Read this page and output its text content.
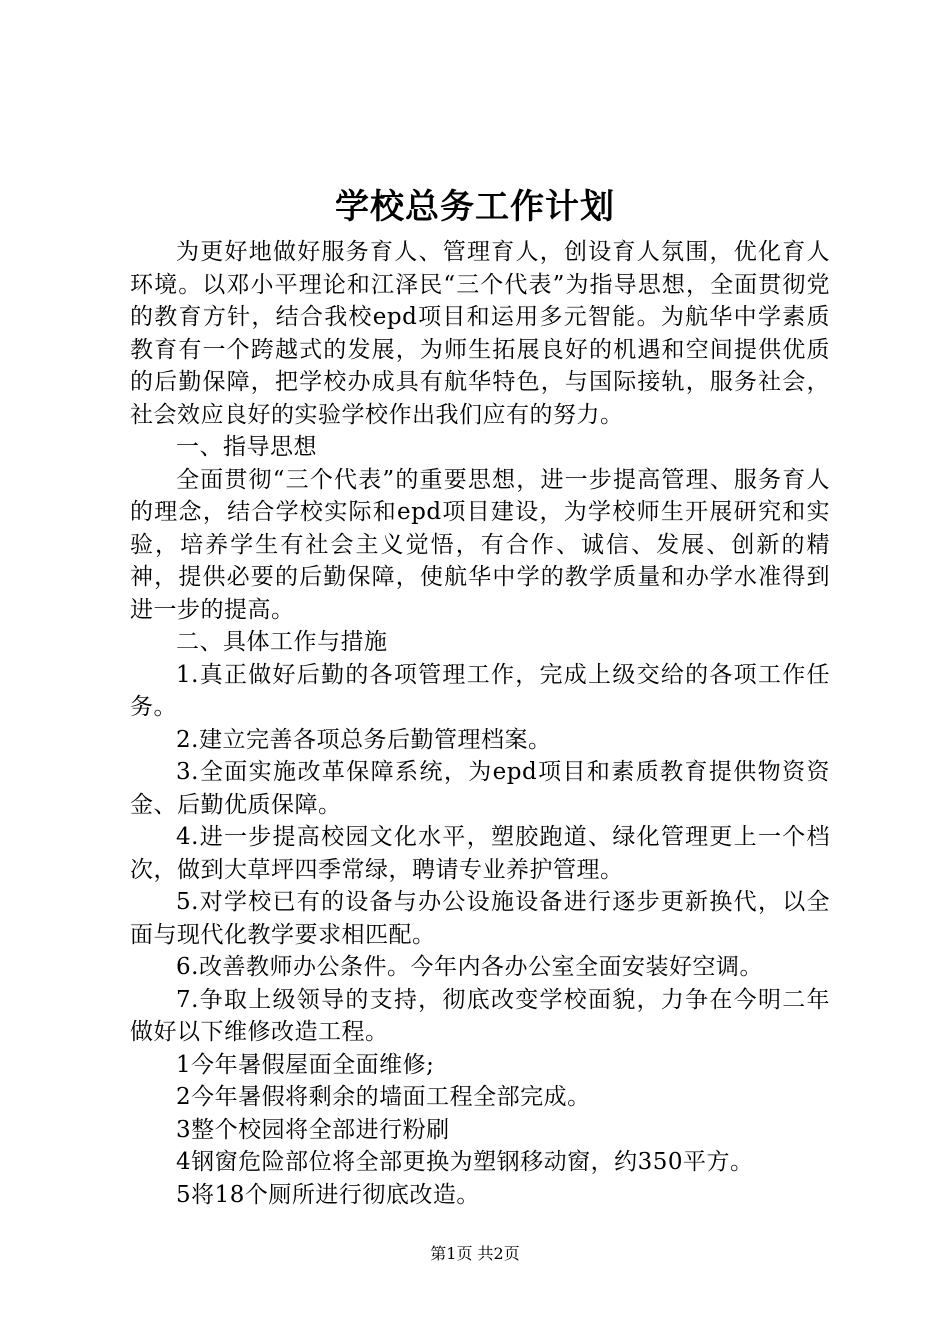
学校总务工作计划

为更好地做好服务育人、管理育人，创设育人氛围，优化育人环境。以邓小平理论和江泽民“三个代表”为指导思想，全面贯彻党的教育方针，结合我校epd项目和运用多元智能。为航华中学素质教育有一个跨越式的发展，为师生拓展良好的机遇和空间提供优质的后勤保障，把学校办成具有航华特色，与国际接轨，服务社会，社会效应良好的实验学校作出我们应有的努力。

一、指导思想

全面贯彻“三个代表”的重要思想，进一步提高管理、服务育人的理念，结合学校实际和epd项目建设，为学校师生开展研究和实验，培养学生有社会主义觉悟，有合作、诚信、发展、创新的精神，提供必要的后勤保障，使航华中学的教学质量和办学水准得到进一步的提高。

二、具体工作与措施

1.真正做好后勤的各项管理工作，完成上级交给的各项工作任务。

2.建立完善各项总务后勤管理档案。

3.全面实施改革保障系统，为epd项目和素质教育提供物资资金、后勤优质保障。

4.进一步提高校园文化水平，塑胶跑道、绿化管理更上一个档次，做到大草坪四季常绿，聘请专业养护管理。

5.对学校已有的设备与办公设施设备进行逐步更新换代，以全面与现代化教学要求相匹配。

6.改善教师办公条件。今年内各办公室全面安装好空调。

7.争取上级领导的支持，彻底改变学校面貌，力争在今明二年做好以下维修改造工程。

1今年暑假屋面全面维修;

2今年暑假将剩余的墙面工程全部完成。

3整个校园将全部进行粉刷

4钢窗危险部位将全部更换为塑钢移动窗，约350平方。

5将18个厕所进行彻底改造。

第1页 共2页
